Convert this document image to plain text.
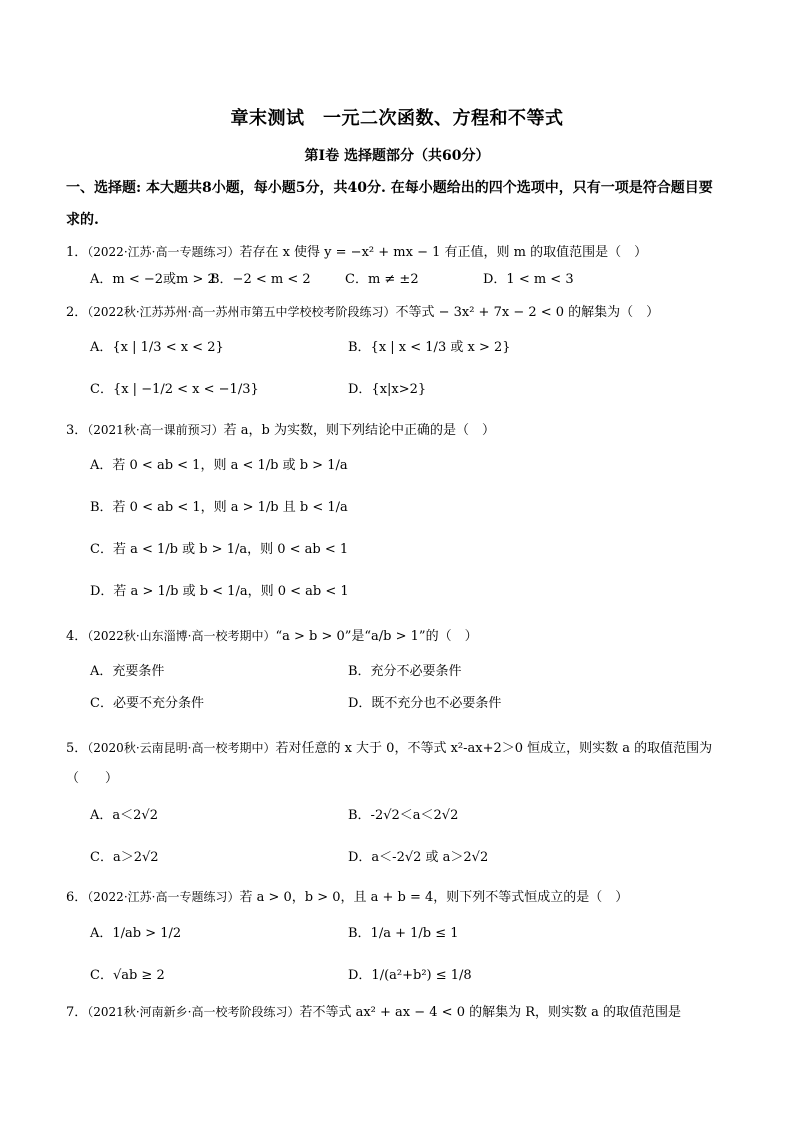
章末测试　一元二次函数、方程和不等式
第Ⅰ卷 选择题部分（共60分）
一、选择题: 本大题共8小题，每小题5分，共40分. 在每小题给出的四个选项中，只有一项是符合题目要求的.
1．（2022·江苏·高一专题练习）若存在 x 使得 y = −x² + mx − 1 有正值，则 m 的取值范围是（　）
A．m < −2或m > 2
B．−2 < m < 2	C．m ≠ ±2	D．1 < m < 3
2．（2022秋·江苏苏州·高一苏州市第五中学校校考阶段练习）不等式 − 3x² + 7x − 2 < 0 的解集为（　）
A．{x | 1/3 < x < 2}	B．{x | x < 1/3 或 x > 2}
C．{x | −1/2 < x < −1/3}	D．{x|x>2}
3．（2021秋·高一课前预习）若 a，b 为实数，则下列结论中正确的是（　）
A．若 0 < ab < 1，则 a < 1/b 或 b > 1/a
B．若 0 < ab < 1，则 a > 1/b 且 b < 1/a
C．若 a < 1/b 或 b > 1/a，则 0 < ab < 1
D．若 a > 1/b 或 b < 1/a，则 0 < ab < 1
4．（2022秋·山东淄博·高一校考期中）“a > b > 0”是“a/b > 1”的（　）
A．充要条件	B．充分不必要条件
C．必要不充分条件	D．既不充分也不必要条件
5．（2020秋·云南昆明·高一校考期中）若对任意的 x 大于 0，不等式 x²-ax+2＞0 恒成立，则实数 a 的取值范围为（　　）
A．a＜2√2	B．-2√2＜a＜2√2
C．a＞2√2	D．a＜-2√2 或 a＞2√2
6．（2022·江苏·高一专题练习）若 a > 0，b > 0，且 a + b = 4，则下列不等式恒成立的是（　）
A．1/ab > 1/2	B．1/a + 1/b ≤ 1
C．√ab ≥ 2	D．1/(a²+b²) ≤ 1/8
7．（2021秋·河南新乡·高一校考阶段练习）若不等式 ax² + ax − 4 < 0 的解集为 R，则实数 a 的取值范围是
